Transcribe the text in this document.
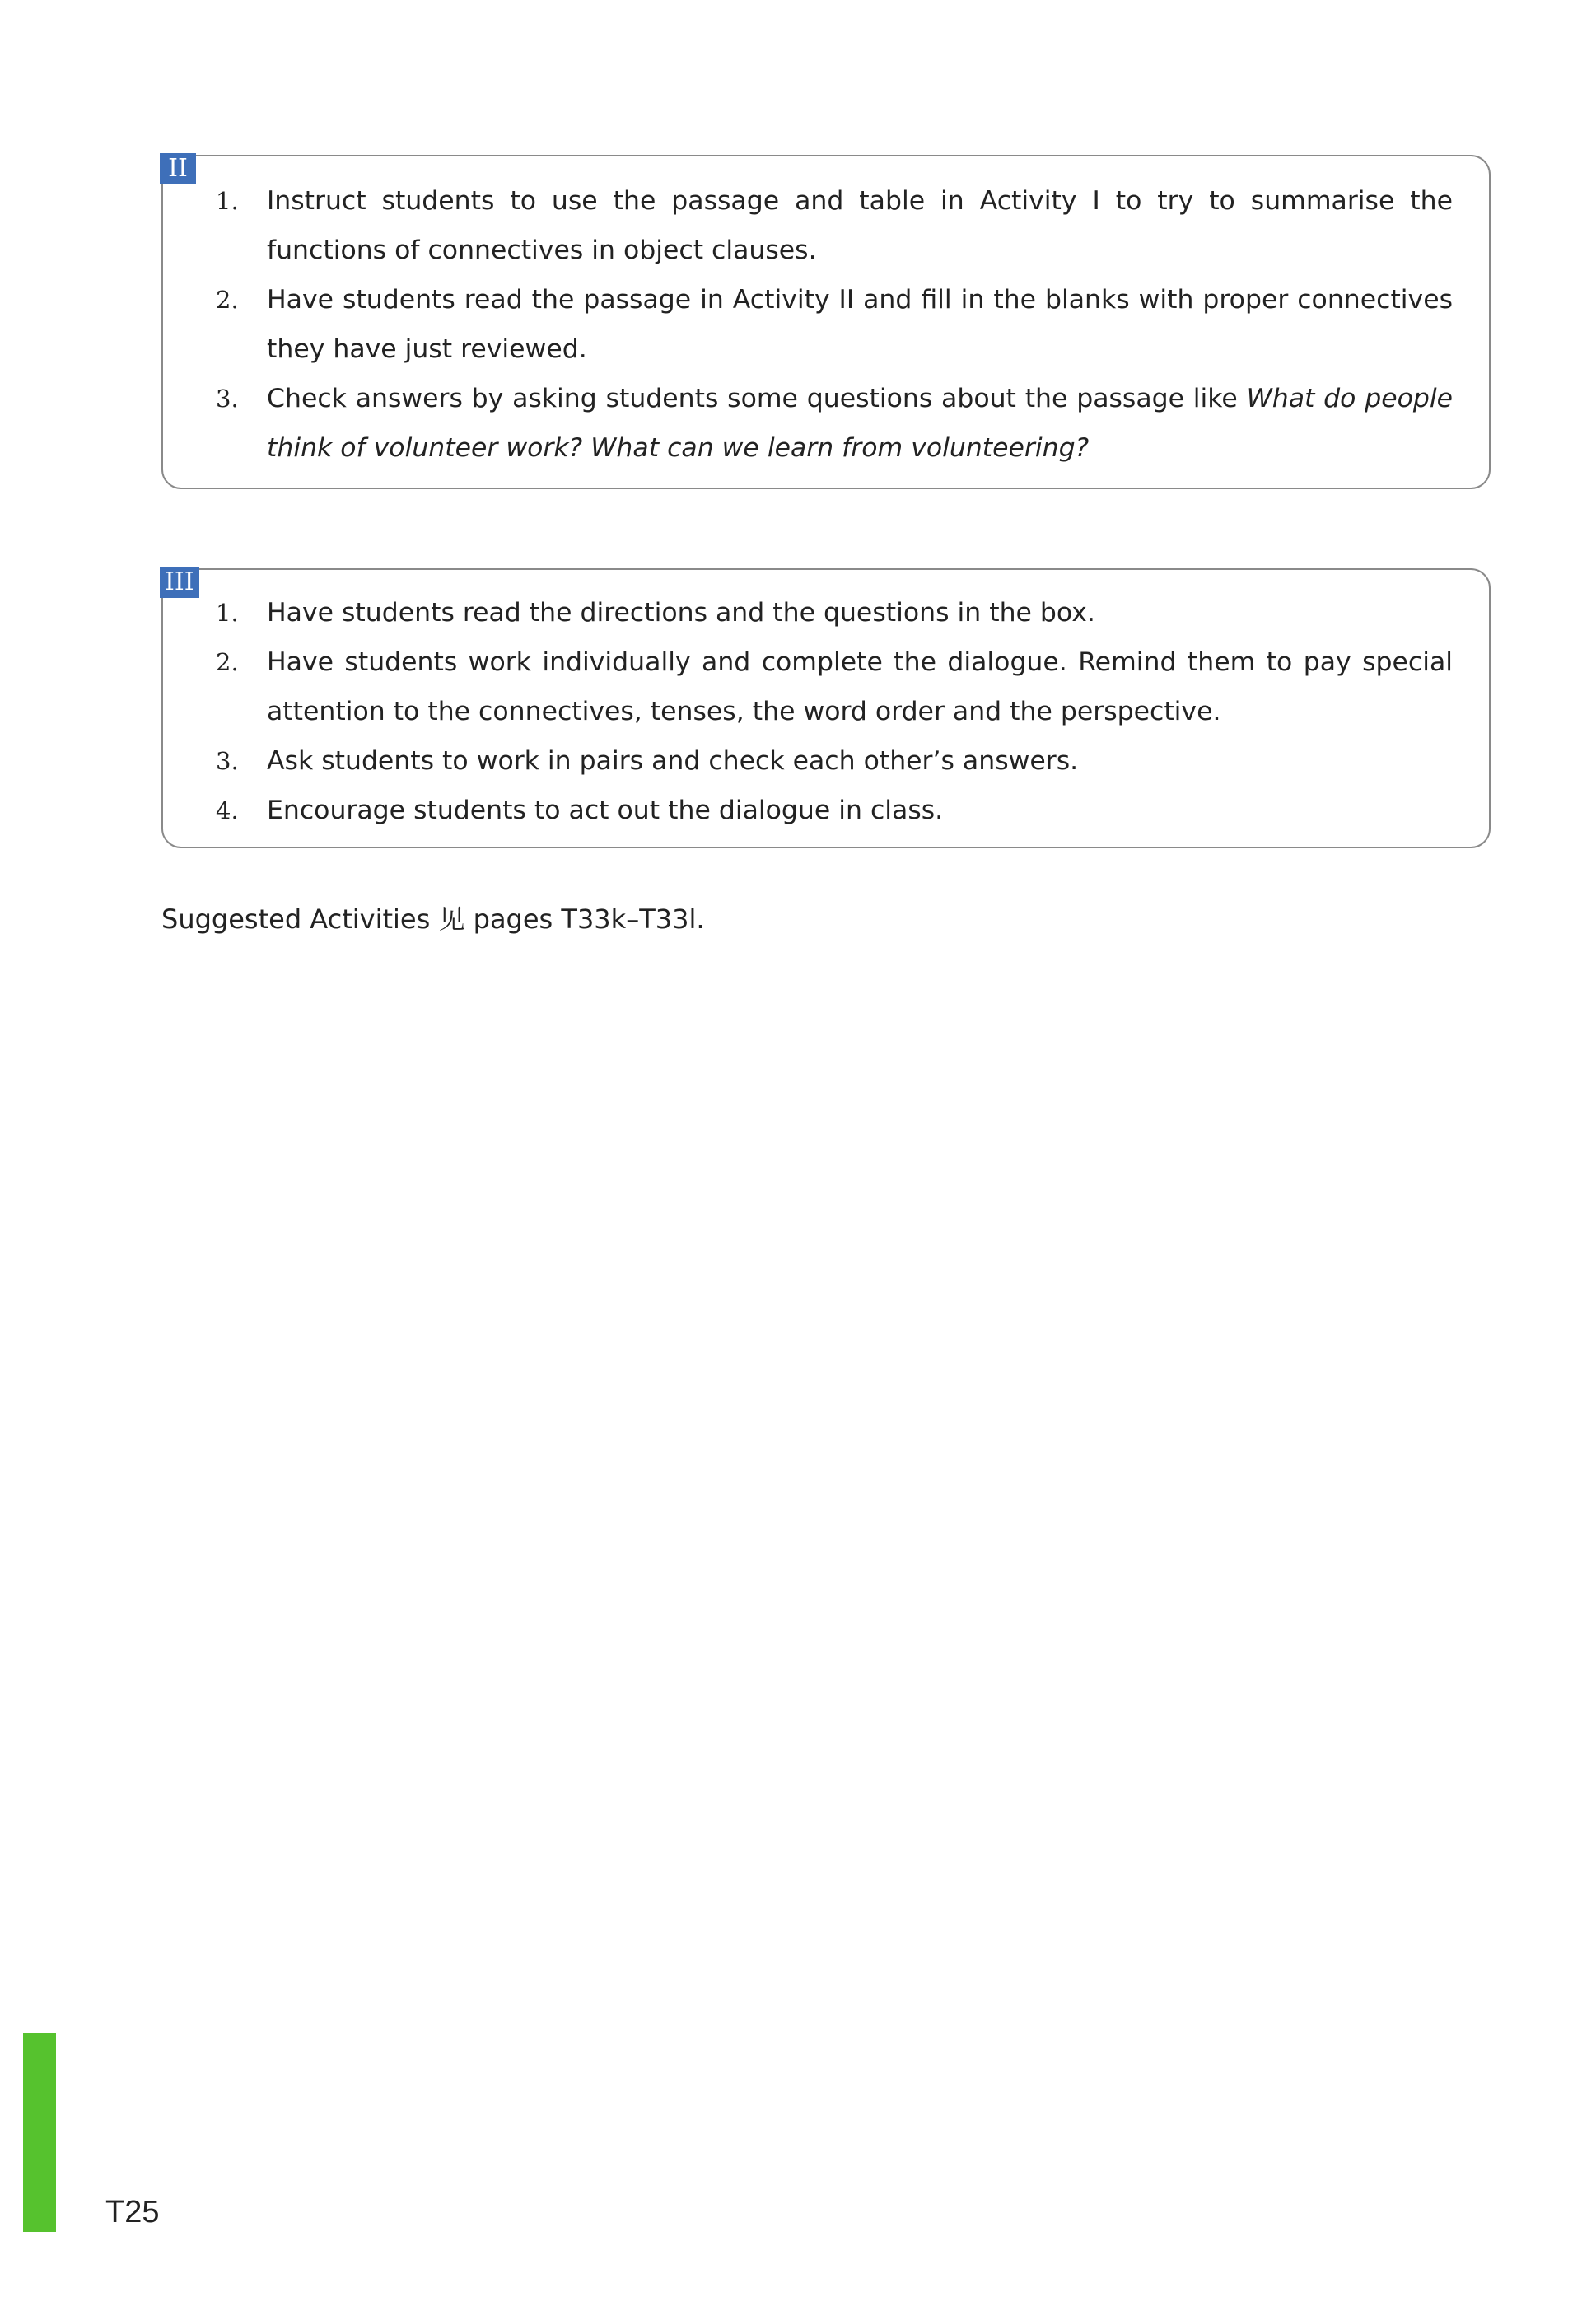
II
1.	Instruct students to use the passage and table in Activity I to try to summarise the functions of connectives in object clauses.
2.	Have students read the passage in Activity II and fill in the blanks with proper connectives they have just reviewed.
3.	Check answers by asking students some questions about the passage like What do people think of volunteer work? What can we learn from volunteering?
III
1.	Have students read the directions and the questions in the box.
2.	Have students work individually and complete the dialogue. Remind them to pay special attention to the connectives, tenses, the word order and the perspective.
3.	Ask students to work in pairs and check each other’s answers.
4.	Encourage students to act out the dialogue in class.
Suggested Activities 见 pages T33k–T33l.
T25
